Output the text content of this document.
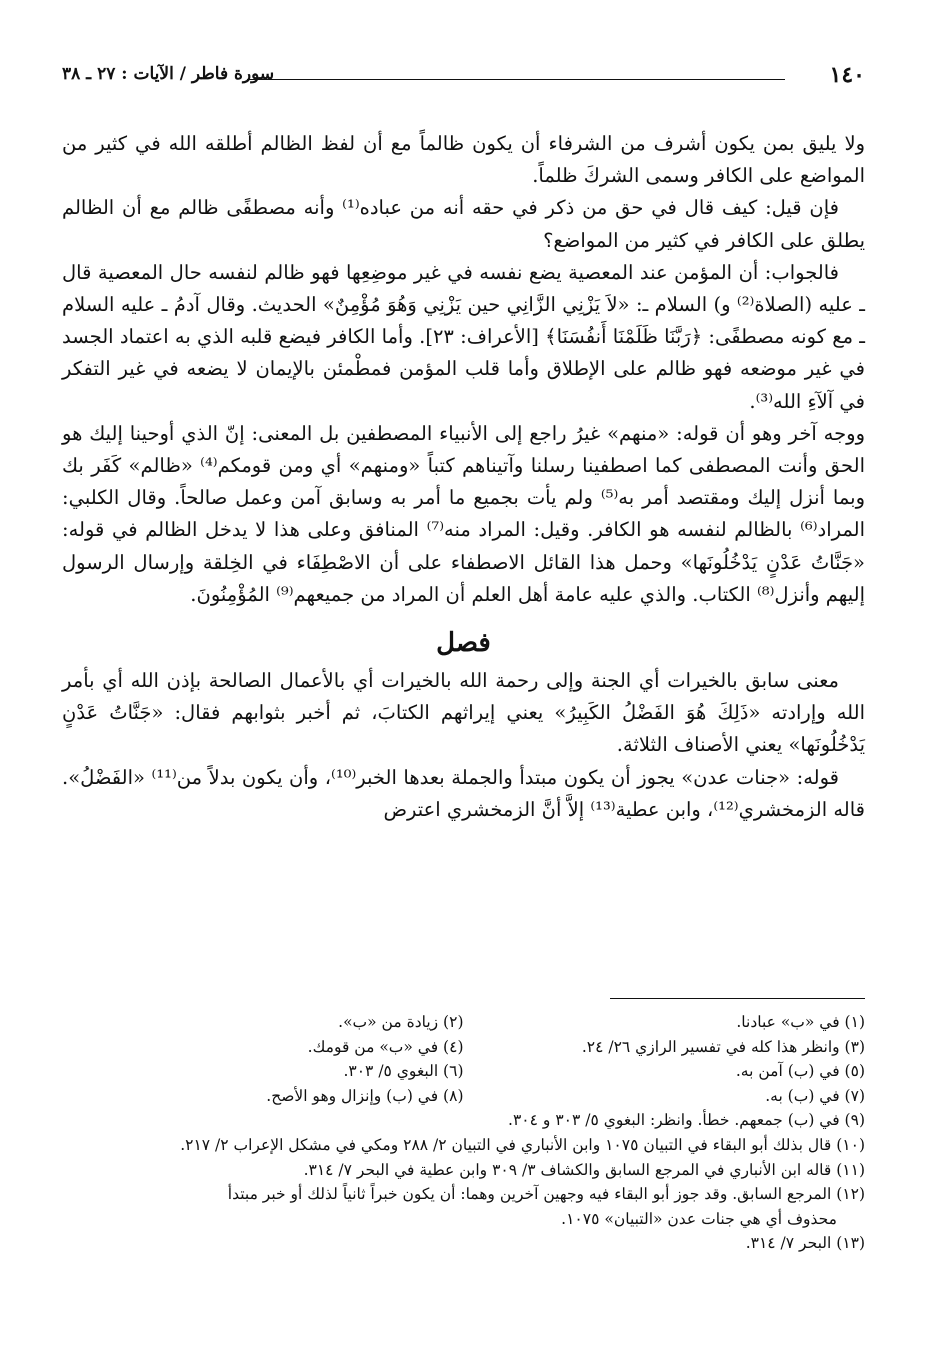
١٤٠
سورة فاطر / الآيات : ٢٧ ـ ٣٨

ولا يليق بمن يكون أشرف من الشرفاء أن يكون ظالماً مع أن لفظ الظالم أطلقه الله في كثير من المواضع على الكافر وسمى الشركَ ظلماً.

فإن قيل: كيف قال في حق من ذكر في حقه أنه من عباده⁽¹⁾ وأنه مصطفًى ظالم مع أن الظالم يطلق على الكافر في كثير من المواضع؟

فالجواب: أن المؤمن عند المعصية يضع نفسه في غير موضِعِها فهو ظالم لنفسه حال المعصية قال ـ عليه (الصلاة⁽²⁾ و) السلام ـ: «لاَ يَزْنِي الزَّانِي حين يَزْنِي وَهُوَ مُؤْمِنٌ» الحديث. وقال آدمُ ـ عليه السلام ـ مع كونه مصطفًى: ﴿رَبَّنَا ظَلَمْنَا أَنفُسَنَا﴾ [الأعراف: ٢٣]. وأما الكافر فيضع قلبه الذي به اعتماد الجسد في غير موضعه فهو ظالم على الإطلاق وأما قلب المؤمن فمطْمئن بالإيمان لا يضعه في غير التفكر في آلآءِ الله⁽³⁾.

ووجه آخر وهو أن قوله: «منهم» غيرُ راجع إلى الأنبياء المصطفين بل المعنى: إنّ الذي أوحينا إليك هو الحق وأنت المصطفى كما اصطفينا رسلنا وآتيناهم كتباً «ومنهم» أي ومن قومكم⁽⁴⁾ «ظالم» كَفَر بك وبما أنزل إليك ومقتصد أمر به⁽⁵⁾ ولم يأت بجميع ما أمر به وسابق آمن وعمل صالحاً. وقال الكلبي: المراد⁽⁶⁾ بالظالم لنفسه هو الكافر. وقيل: المراد منه⁽⁷⁾ المنافق وعلى هذا لا يدخل الظالم في قوله: «جَنَّاتُ عَدْنٍ يَدْخُلُونَها» وحمل هذا القائل الاصطفاء على أن الاصْطِفَاء في الخِلقة وإرسال الرسول إليهم وأنزل⁽⁸⁾ الكتاب. والذي عليه عامة أهل العلم أن المراد من جميعهم⁽⁹⁾ المُؤْمِنُونَ.

فصل

معنى سابق بالخيرات أي الجنة وإلى رحمة الله بالخيرات أي بالأعمال الصالحة بإذن الله أي بأمر الله وإرادته «ذَلِكَ هُوَ الفَضْلُ الكَبِيرُ» يعني إيراثهم الكتابَ، ثم أخبر بثوابهم فقال: «جَنَّاتُ عَدْنٍ يَدْخُلُونَها» يعني الأصناف الثلاثة.

قوله: «جنات عدن» يجوز أن يكون مبتدأ والجملة بعدها الخبر⁽¹⁰⁾، وأن يكون بدلاً من⁽¹¹⁾ «الفَضْلُ». قاله الزمخشري⁽¹²⁾، وابن عطية⁽¹³⁾ إلاَّ أنَّ الزمخشري اعترض

(١) في «ب» عبادنا.
(٢) زيادة من «ب».
(٣) وانظر هذا كله في تفسير الرازي ٢٦/ ٢٤.
(٤) في «ب» من قومك.
(٥) في (ب) آمن به.
(٦) البغوي ٥/ ٣٠٣.
(٧) في (ب) به.
(٨) في (ب) وإنزال وهو الأصح.
(٩) في (ب) جمعهم. خطأ. وانظر: البغوي ٥/ ٣٠٣ و ٣٠٤.
(١٠) قال بذلك أبو البقاء في التبيان ١٠٧٥ وابن الأنباري في التبيان ٢/ ٢٨٨ ومكي في مشكل الإعراب ٢/ ٢١٧.
(١١) قاله ابن الأنباري في المرجع السابق والكشاف ٣/ ٣٠٩ وابن عطية في البحر ٧/ ٣١٤.
(١٢) المرجع السابق. وقد جوز أبو البقاء فيه وجهين آخرين وهما: أن يكون خبراً ثانياً لذلك أو خبر مبتدأ
محذوف أي هي جنات عدن «التبيان» ١٠٧٥.
(١٣) البحر ٧/ ٣١٤.
